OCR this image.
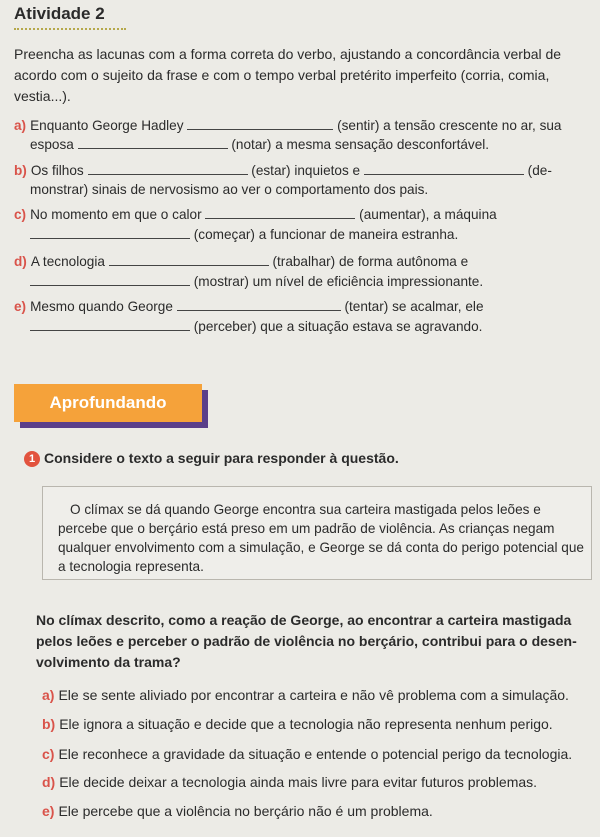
Atividade 2
Preencha as lacunas com a forma correta do verbo, ajustando a concordância verbal de acordo com o sujeito da frase e com o tempo verbal pretérito imperfeito (corria, comia, vestia...).
a) Enquanto George Hadley	(sentir) a tensão crescente no ar, sua
esposa	(notar) a mesma sensação desconfortável.
b) Os filhos	(estar) inquietos e	(de-
monstrar) sinais de nervosismo ao ver o comportamento dos pais.
c) No momento em que o calor	(aumentar), a máquina
(começar) a funcionar de maneira estranha.
d) A tecnologia	(trabalhar) de forma autônoma e
(mostrar) um nível de eficiência impressionante.
e) Mesmo quando George	(tentar) se acalmar, ele
(perceber) que a situação estava se agravando.
Aprofundando
1 Considere o texto a seguir para responder à questão.
O clímax se dá quando George encontra sua carteira mastigada pelos leões e percebe que o berçário está preso em um padrão de violência. As crianças negam qualquer envolvimento com a simulação, e George se dá conta do perigo potencial que a tecnologia representa.
No clímax descrito, como a reação de George, ao encontrar a carteira mastigada pelos leões e perceber o padrão de violência no berçário, contribui para o desenvolvimento da trama?
a) Ele se sente aliviado por encontrar a carteira e não vê problema com a simulação.
b) Ele ignora a situação e decide que a tecnologia não representa nenhum perigo.
c) Ele reconhece a gravidade da situação e entende o potencial perigo da tecnologia.
d) Ele decide deixar a tecnologia ainda mais livre para evitar futuros problemas.
e) Ele percebe que a violência no berçário não é um problema.
